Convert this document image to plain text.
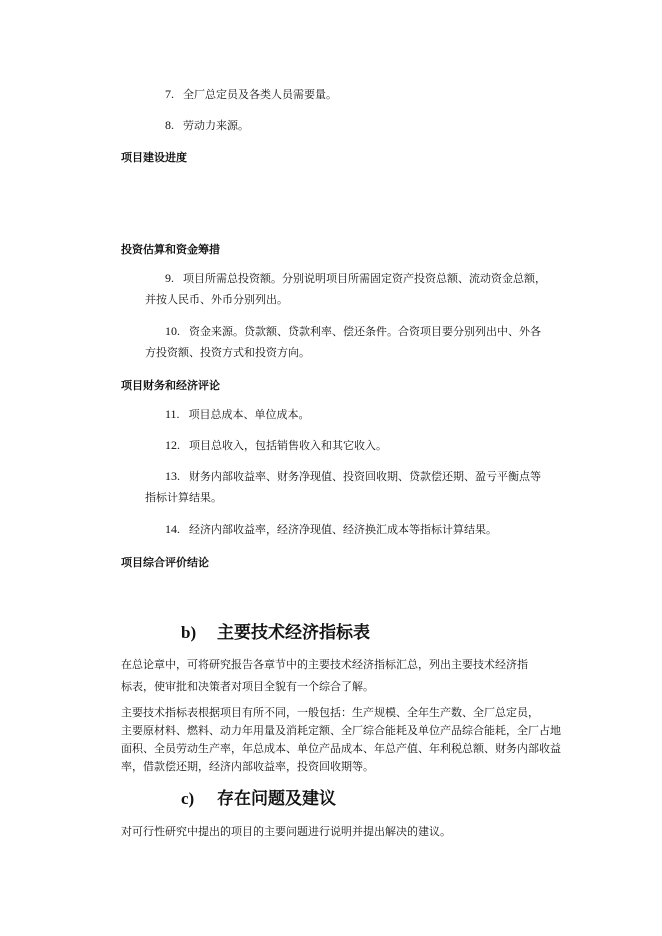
7. 全厂总定员及各类人员需要量。
8. 劳动力来源。
项目建设进度
投资估算和资金筹措
9. 项目所需总投资额。分别说明项目所需固定资产投资总额、流动资金总额，
并按人民币、外币分别列出。
10. 资金来源。贷款额、贷款利率、偿还条件。合资项目要分别列出中、外各
方投资额、投资方式和投资方向。
项目财务和经济评论
11. 项目总成本、单位成本。
12. 项目总收入，包括销售收入和其它收入。
13. 财务内部收益率、财务净现值、投资回收期、贷款偿还期、盈亏平衡点等
指标计算结果。
14. 经济内部收益率，经济净现值、经济换汇成本等指标计算结果。
项目综合评价结论
b) 主要技术经济指标表
在总论章中，可将研究报告各章节中的主要技术经济指标汇总，列出主要技术经济指
标表，使审批和决策者对项目全貌有一个综合了解。
主要技术指标表根据项目有所不同，一般包括：生产规模、全年生产数、全厂总定员，
主要原材料、燃料、动力年用量及消耗定额、全厂综合能耗及单位产品综合能耗，全厂占地
面积、全员劳动生产率，年总成本、单位产品成本、年总产值、年利税总额、财务内部收益
率，借款偿还期，经济内部收益率，投资回收期等。
c) 存在问题及建议
对可行性研究中提出的项目的主要问题进行说明并提出解决的建议。
